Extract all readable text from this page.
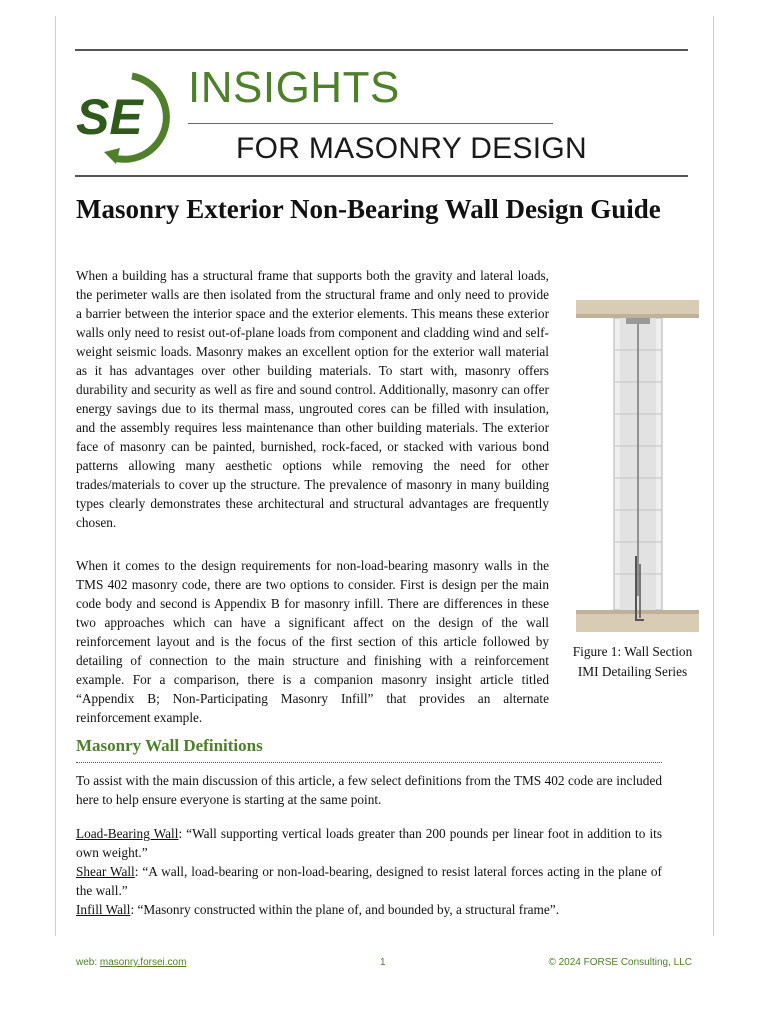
SE
INSIGHTS
FOR MASONRY DESIGN
Masonry Exterior Non-Bearing Wall Design Guide

When a building has a structural frame that supports both the gravity and lateral loads, the perimeter walls are then isolated from the structural frame and only need to provide a barrier between the interior space and the exterior elements. This means these exterior walls only need to resist out-of-plane loads from component and cladding wind and self-weight seismic loads. Masonry makes an excellent option for the exterior wall material as it has advantages over other building materials. To start with, masonry offers durability and security as well as fire and sound control. Additionally, masonry can offer energy savings due to its thermal mass, ungrouted cores can be filled with insulation, and the assembly requires less maintenance than other building materials. The exterior face of masonry can be painted, burnished, rock-faced, or stacked with various bond patterns allowing many aesthetic options while removing the need for other trades/materials to cover up the structure. The prevalence of masonry in many building types clearly demonstrates these architectural and structural advantages are frequently chosen.

When it comes to the design requirements for non-load-bearing masonry walls in the TMS 402 masonry code, there are two options to consider. First is design per the main code body and second is Appendix B for masonry infill. There are differences in these two approaches which can have a significant affect on the design of the wall reinforcement layout and is the focus of the first section of this article followed by detailing of connection to the main structure and finishing with a reinforcement example. For a comparison, there is a companion masonry insight article titled “Appendix B; Non-Participating Masonry Infill” that provides an alternate reinforcement example.

Figure 1: Wall Section
IMI Detailing Series
Masonry Wall Definitions

To assist with the main discussion of this article, a few select definitions from the TMS 402 code are included here to help ensure everyone is starting at the same point.

Load-Bearing Wall: “Wall supporting vertical loads greater than 200 pounds per linear foot in addition to its own weight.”

Shear Wall: “A wall, load-bearing or non-load-bearing, designed to resist lateral forces acting in the plane of the wall.”

Infill Wall: “Masonry constructed within the plane of, and bounded by, a structural frame”.

web: masonry.forsei.com	1	© 2024 FORSE Consulting, LLC
